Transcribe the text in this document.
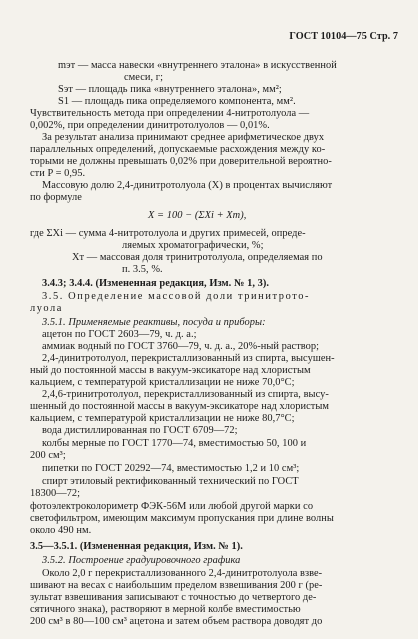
ГОСТ 10104—75 Стр. 7
mэт — масса навески «внутреннего эталона» в искусственной
смеси, г;
Sэт — площадь пика «внутреннего эталона», мм²;
S1 — площадь пика определяемого компонента, мм².
Чувствительность метода при определении 4-нитротолуола —
0,002%, при определении динитротолуолов — 0,01%.
За результат анализа принимают среднее арифметическое двух
параллельных определений, допускаемые расхождения между ко-
торыми не должны превышать 0,02% при доверительной вероятно-
сти P = 0,95.
Массовую долю 2,4-динитротолуола (X) в процентах вычисляют
по формуле
X = 100 − (ΣXi + Xт),
где ΣXi — сумма 4-нитротолуола и других примесей, опреде-
ляемых хроматографически, %;
Xт — массовая доля тринитротолуола, определяемая по
п. 3.5, %.
3.4.3; 3.4.4. (Измененная редакция, Изм. № 1, 3).
3.5. Определение массовой доли тринитрото-
луола
3.5.1. Применяемые реактивы, посуда и приборы:
ацетон по ГОСТ 2603—79, ч. д. а.;
аммиак водный по ГОСТ 3760—79, ч. д. а., 20%-ный раствор;
2,4-динитротолуол, перекристаллизованный из спирта, высушен-
ный до постоянной массы в вакуум-эксикаторе над хлористым
кальцием, с температурой кристаллизации не ниже 70,0°C;
2,4,6-тринитротолуол, перекристаллизованный из спирта, высу-
шенный до постоянной массы в вакуум-эксикаторе над хлористым
кальцием, с температурой кристаллизации не ниже 80,7°C;
вода дистиллированная по ГОСТ 6709—72;
колбы мерные по ГОСТ 1770—74, вместимостью 50, 100 и
200 см³;
пипетки по ГОСТ 20292—74, вместимостью 1,2 и 10 см³;
спирт этиловый ректификованный технический по ГОСТ
18300—72;
фотоэлектроколориметр ФЭК-56М или любой другой марки со
светофильтром, имеющим максимум пропускания при длине волны
около 490 нм.
3.5—3.5.1. (Измененная редакция, Изм. № 1).
3.5.2. Построение градуировочного графика
Около 2,0 г перекристаллизованного 2,4-динитротолуола взве-
шивают на весах с наибольшим пределом взвешивания 200 г (ре-
зультат взвешивания записывают с точностью до четвертого де-
сятичного знака), растворяют в мерной колбе вместимостью
200 см³ в 80—100 см³ ацетона и затем объем раствора доводят до
